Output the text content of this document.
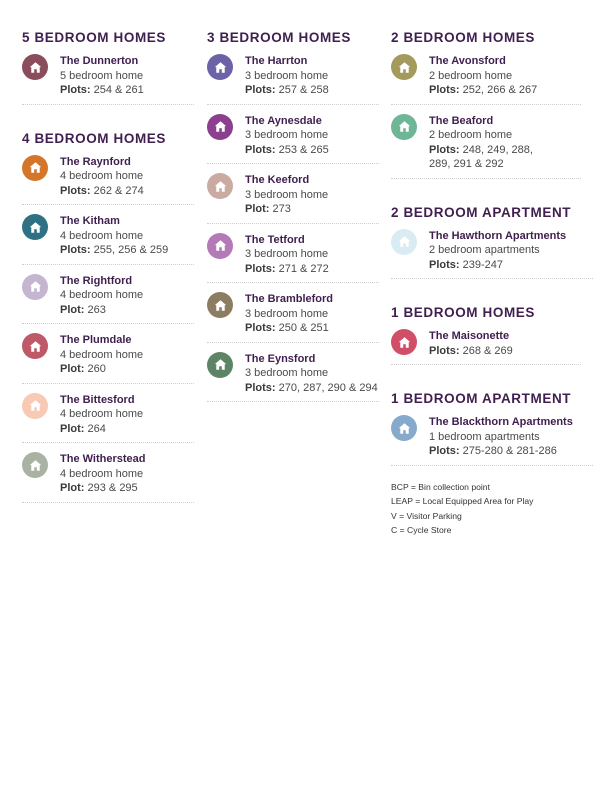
5 BEDROOM HOMES
The Dunnerton
5 bedroom home
Plots: 254 & 261
4 BEDROOM HOMES
The Raynford
4 bedroom home
Plots: 262 & 274
The Kitham
4 bedroom home
Plots: 255, 256 & 259
The Rightford
4 bedroom home
Plot: 263
The Plumdale
4 bedroom home
Plot: 260
The Bittesford
4 bedroom home
Plot: 264
The Witherstead
4 bedroom home
Plot: 293 & 295
3 BEDROOM HOMES
The Harrton
3 bedroom home
Plots: 257 & 258
The Aynesdale
3 bedroom home
Plots: 253 & 265
The Keeford
3 bedroom home
Plot: 273
The Tetford
3 bedroom home
Plots: 271 & 272
The Brambleford
3 bedroom home
Plots: 250 & 251
The Eynsford
3 bedroom home
Plots: 270, 287, 290 & 294
2 BEDROOM HOMES
The Avonsford
2 bedroom home
Plots: 252, 266 & 267
The Beaford
2 bedroom home
Plots: 248, 249, 288, 289, 291 & 292
2 BEDROOM APARTMENT
The Hawthorn Apartments
2 bedroom apartments
Plots: 239-247
1 BEDROOM HOMES
The Maisonette
Plots: 268 & 269
1 BEDROOM APARTMENT
The Blackthorn Apartments
1 bedroom apartments
Plots: 275-280 & 281-286
BCP = Bin collection point
LEAP = Local Equipped Area for Play
V = Visitor Parking
C = Cycle Store
